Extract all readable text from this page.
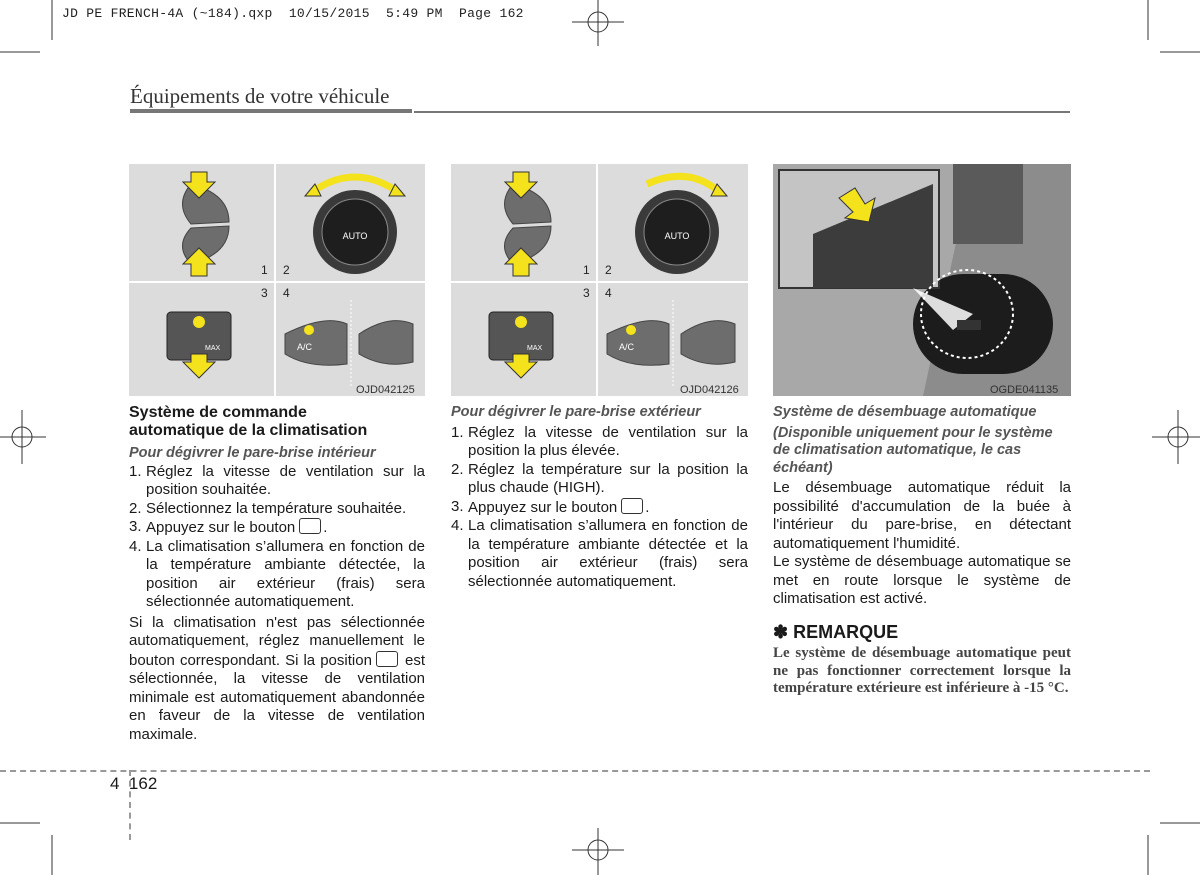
JD PE FRENCH-4A (~184).qxp  10/15/2015  5:49 PM  Page 162
Équipements de votre véhicule
AUTO
1 2
3 4
MAX	A/C
OJD042125
AUTO
1 2
3 4
MAX	A/C
OJD042126	OGDE041135
Système de commande
automatique de la climatisation
Pour dégivrer le pare-brise intérieur
1. Réglez la vitesse de ventilation sur la position souhaitée.
2. Sélectionnez la température souhaitée.
3. Appuyez sur le bouton .
4. La climatisation s’allumera en fonction de la température ambiante détectée, la position air extérieur (frais) sera sélectionnée automatiquement.
Si la climatisation n'est pas sélectionnée automatiquement, réglez manuellement le bouton correspondant. Si la position est sélectionnée, la vitesse de ventilation minimale est automatiquement abandonnée en faveur de la vitesse de ventilation maximale.
Pour dégivrer le pare-brise extérieur
1. Réglez la vitesse de ventilation sur la position la plus élevée.
2. Réglez la température sur la position la plus chaude (HIGH).
3. Appuyez sur le bouton .
4. La climatisation s’allumera en fonction de la température ambiante détectée et la position air extérieur (frais) sera sélectionnée automatiquement.
Système de désembuage automatique
(Disponible uniquement pour le système de climatisation automatique, le cas échéant)
Le désembuage automatique réduit la possibilité d'accumulation de la buée à l'intérieur du pare-brise, en détectant automatiquement l'humidité.
Le système de désembuage automatique se met en route lorsque le système de climatisation est activé.
✽ REMARQUE
Le système de désembuage automatique peut ne pas fonctionner correctement lorsque la température extérieure est inférieure à -15 °C.
4 162
